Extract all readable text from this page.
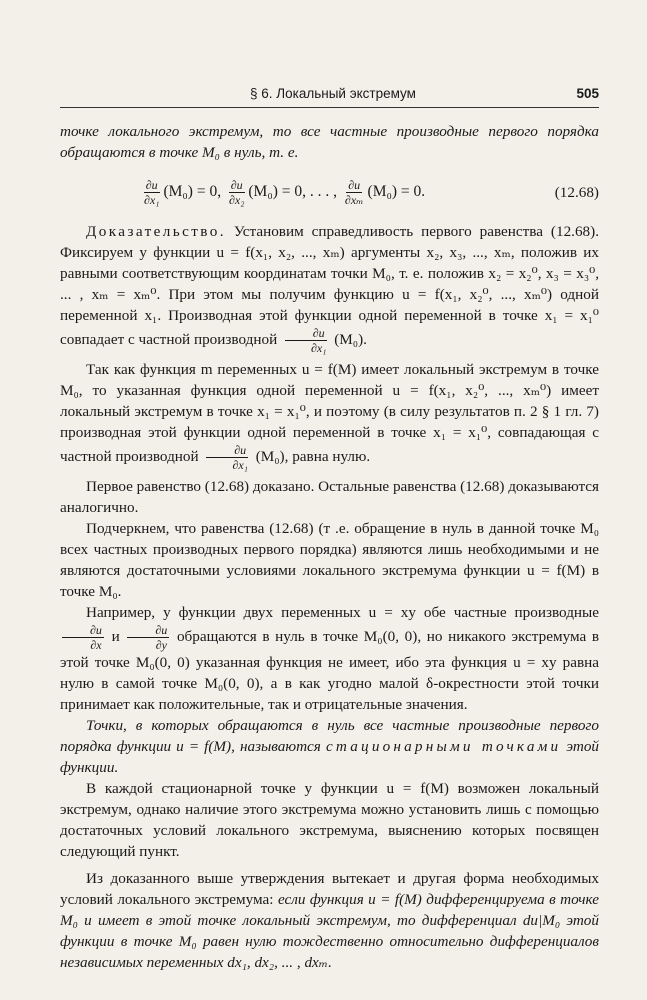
§ 6. Локальный экстремум	505

точке локального экстремум, то все частные производные первого порядка обращаются в точке M₀ в нуль, т. е.

$\frac{\partial u}{\text{∂x₁}} (M_0) = 0$, $\frac{\partial u}{\text{∂x₂}} (M_0) = 0$, . . . , $\frac{\partial u}{\text{∂xₘ}} (M_0) = 0$.	(12.68)

Доказательство. Установим справедливость первого равенства (12.68). Фиксируем у функции u = f(x₁, x₂, ..., xₘ) аргументы x₂, x₃, ..., xₘ, положив их равными соответствующим координатам точки M₀, т. е. положив x₂ = x₂⁰, x₃ = x₃⁰, ... , xₘ = xₘ⁰. При этом мы получим функцию u = f(x₁, x₂⁰, ..., xₘ⁰) одной переменной x₁. Производная этой функции одной переменной в точке x₁ = x₁⁰ совпадает с частной производной $\frac{\partial u}{\text{∂x₁}} (M_0)$.

Так как функция m переменных u = f(M) имеет локальный экстремум в точке M₀, то указанная функция одной переменной u = f(x₁, x₂⁰, ..., xₘ⁰) имеет локальный экстремум в точке x₁ = x₁⁰, и поэтому (в силу результатов п. 2 § 1 гл. 7) производная этой функции одной переменной в точке x₁ = x₁⁰, совпадающая с частной производной $\frac{\partial u}{\text{∂x₁}} (M_0)$, равна нулю.

Первое равенство (12.68) доказано. Остальные равенства (12.68) доказываются аналогично.

Подчеркнем, что равенства (12.68) (т .е. обращение в нуль в данной точке M₀ всех частных производных первого порядка) являются лишь необходимыми и не являются достаточными условиями локального экстремума функции u = f(M) в точке M₀.

Например, у функции двух переменных u = xy обе частные производные
$\frac{\partial u}{\partial x}$ и $\frac{\partial u}{\partial y}$ обращаются в нуль в точке M₀(0, 0), но никакого экстремума в этой точке M₀(0, 0) указанная функция не имеет, ибо эта функция u = xy равна нулю в самой точке M₀(0, 0), а в как угодно малой δ-окрестности этой точки принимает как положительные, так и отрицательные значения.

Точки, в которых обращаются в нуль все частные производные первого порядка функции u = f(M), называются стационарными точками этой функции.

В каждой стационарной точке у функции u = f(M) возможен локальный экстремум, однако наличие этого экстремума можно установить лишь с помощью достаточных условий локального экстремума, выяснению которых посвящен следующий пункт.

Из доказанного выше утверждения вытекает и другая форма необходимых условий локального экстремума: если функция u = f(M) дифференцируема в точке M₀ и имеет в этой точке локальный экстремум, то дифференциал du|M₀ этой функции в точке M₀ равен нулю тождественно относительно дифференциалов независимых переменных dx₁, dx₂, ... , dxₘ.
